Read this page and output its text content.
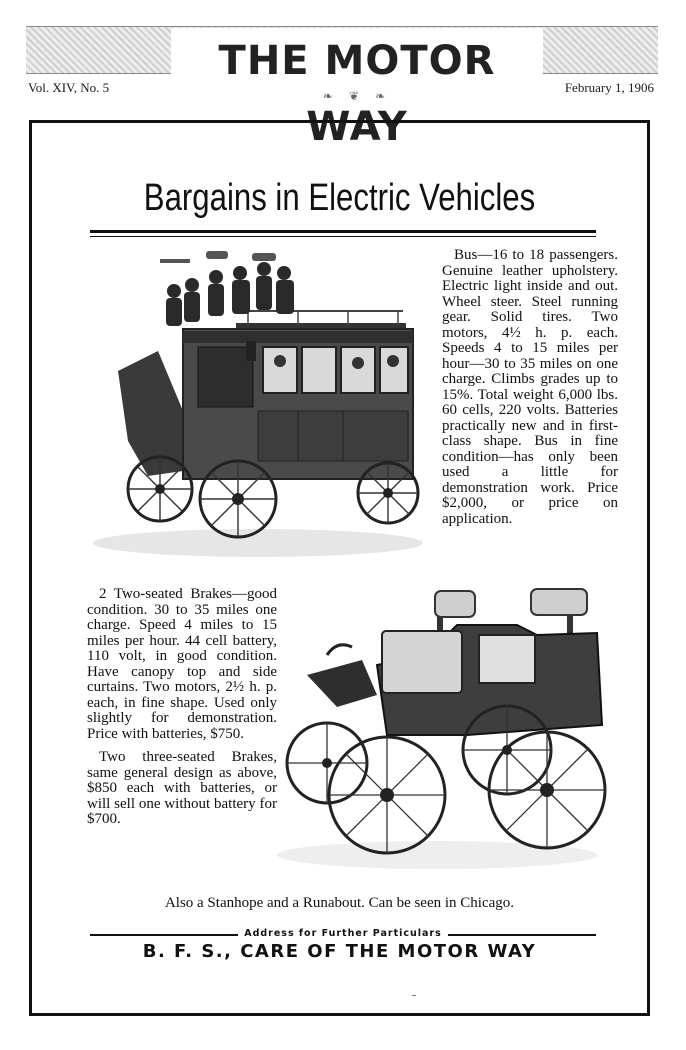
THE MOTOR WAY
❧ ❦ ❧
Vol. XIV, No. 5	February 1, 1906
Bargains in Electric Vehicles

Bus—16 to 18 passengers. Genuine leather upholstery. Electric light inside and out. Wheel steer. Steel running gear. Solid tires. Two motors, 4½ h. p. each. Speeds 4 to 15 miles per hour—30 to 35 miles on one charge. Climbs grades up to 15%. Total weight 6,000 lbs. 60 cells, 220 volts. Batteries practically new and in first-class shape. Bus in fine condition—has only been used a little for demonstration work. Price $2,000, or price on application.

2 Two-seated Brakes—good condition. 30 to 35 miles one charge. Speed 4 miles to 15 miles per hour. 44 cell battery, 110 volt, in good condition. Have canopy top and side curtains. Two motors, 2½ h. p. each, in fine shape. Used only slightly for demonstration. Price with batteries, $750.

Two three-seated Brakes, same general design as above, $850 each with batteries, or will sell one without battery for $700.

Also a Stanhope and a Runabout. Can be seen in Chicago.
Address for Further Particulars
B. F. S., CARE OF THE MOTOR WAY
